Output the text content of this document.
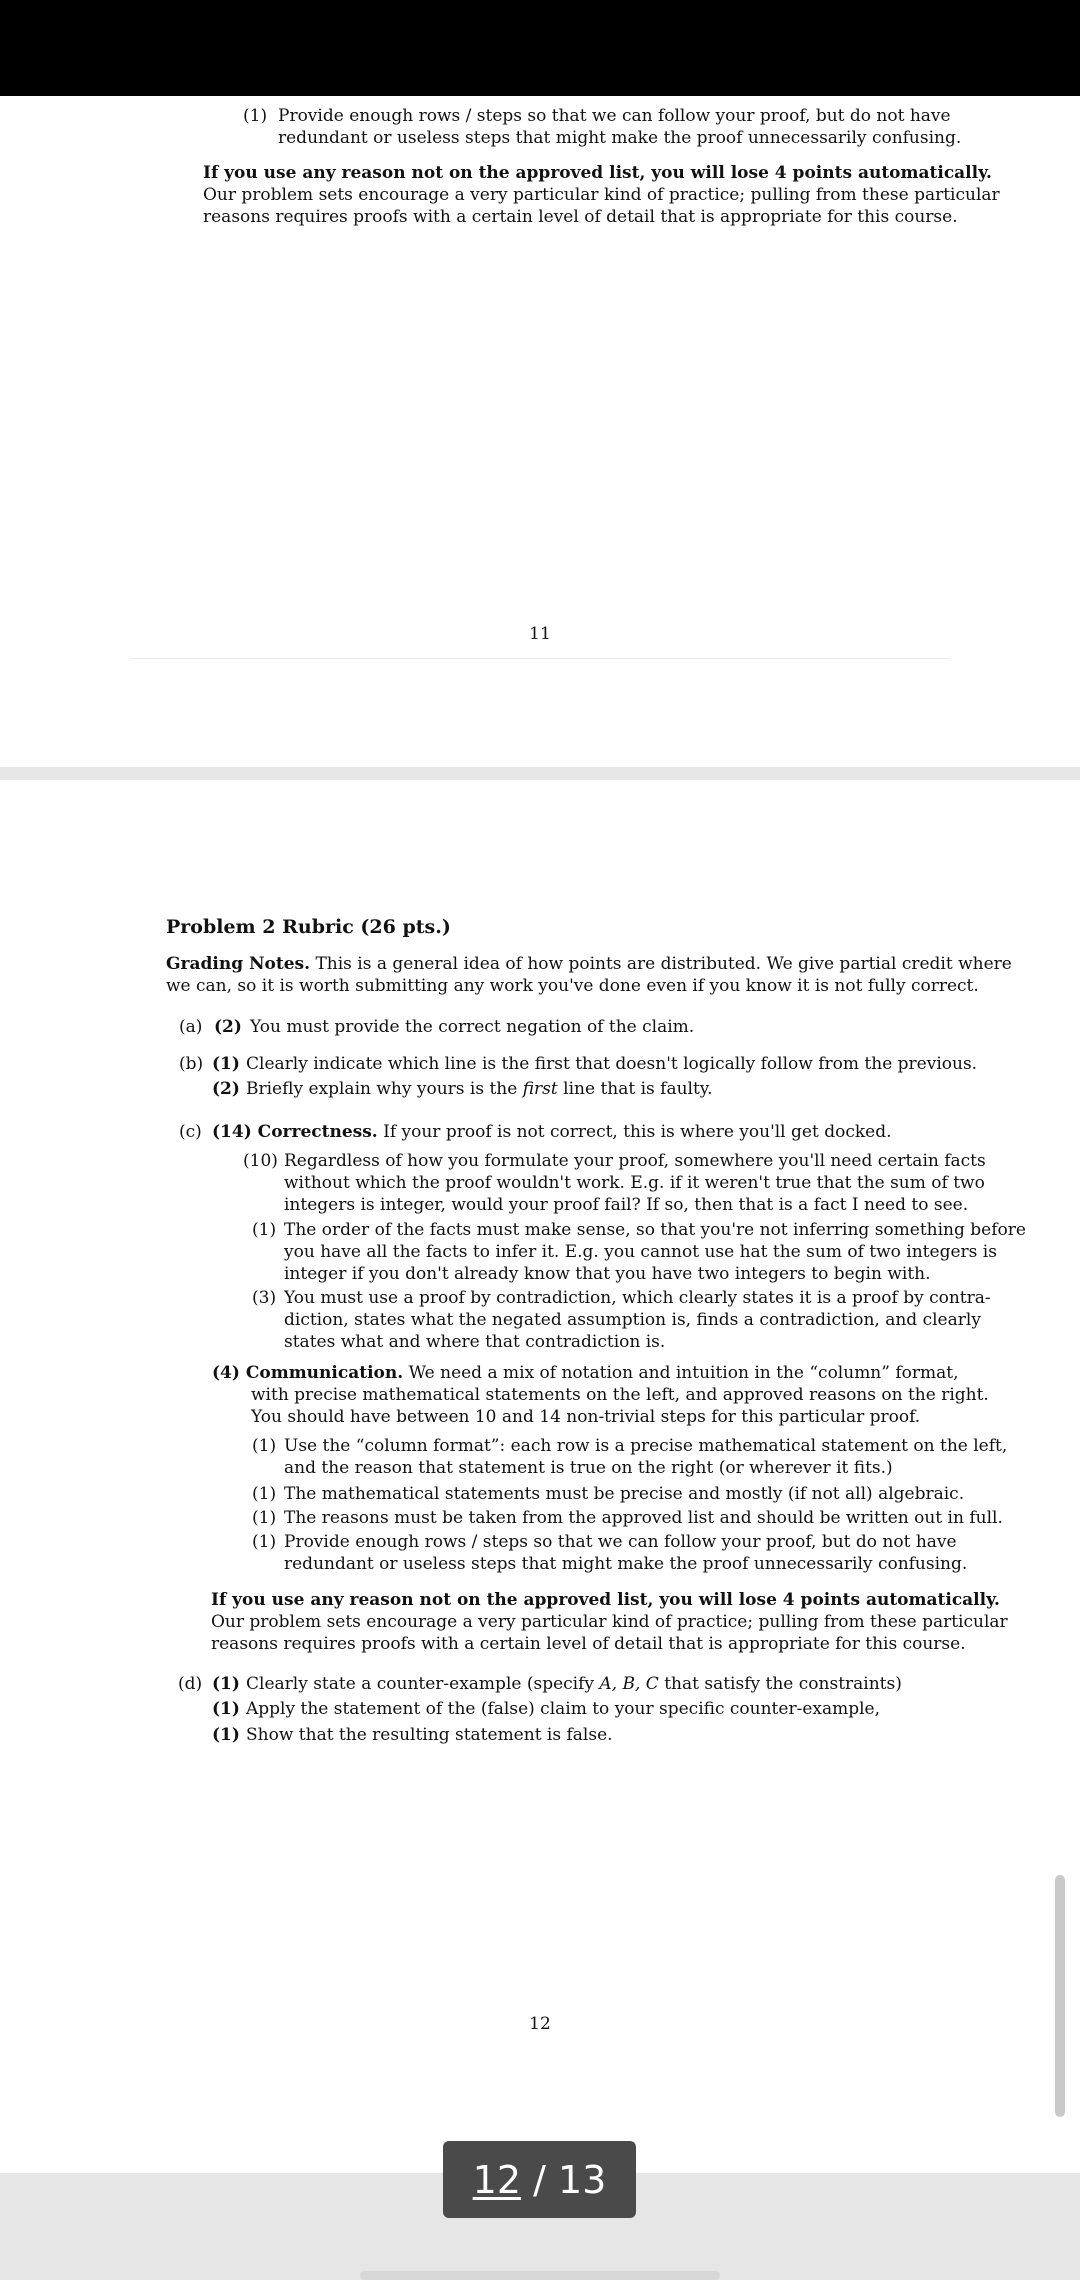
(1) Provide enough rows / steps so that we can follow your proof, but do not have
redundant or useless steps that might make the proof unnecessarily confusing.
If you use any reason not on the approved list, you will lose 4 points automatically.
Our problem sets encourage a very particular kind of practice; pulling from these particular
reasons requires proofs with a certain level of detail that is appropriate for this course.
11
Problem 2 Rubric (26 pts.)
Grading Notes. This is a general idea of how points are distributed. We give partial credit where
we can, so it is worth submitting any work you've done even if you know it is not fully correct.
(a) (2) You must provide the correct negation of the claim.
(b) (1) Clearly indicate which line is the first that doesn't logically follow from the previous.
(2) Briefly explain why yours is the first line that is faulty.
(c) (14) Correctness. If your proof is not correct, this is where you'll get docked.
(10) Regardless of how you formulate your proof, somewhere you'll need certain facts
without which the proof wouldn't work. E.g. if it weren't true that the sum of two
integers is integer, would your proof fail? If so, then that is a fact I need to see.
(1) The order of the facts must make sense, so that you're not inferring something before
you have all the facts to infer it. E.g. you cannot use hat the sum of two integers is
integer if you don't already know that you have two integers to begin with.
(3) You must use a proof by contradiction, which clearly states it is a proof by contra-
diction, states what the negated assumption is, finds a contradiction, and clearly
states what and where that contradiction is.
(4) Communication. We need a mix of notation and intuition in the “column” format,
with precise mathematical statements on the left, and approved reasons on the right.
You should have between 10 and 14 non-trivial steps for this particular proof.
(1) Use the “column format”: each row is a precise mathematical statement on the left,
and the reason that statement is true on the right (or wherever it fits.)
(1) The mathematical statements must be precise and mostly (if not all) algebraic.
(1) The reasons must be taken from the approved list and should be written out in full.
(1) Provide enough rows / steps so that we can follow your proof, but do not have
redundant or useless steps that might make the proof unnecessarily confusing.
If you use any reason not on the approved list, you will lose 4 points automatically.
Our problem sets encourage a very particular kind of practice; pulling from these particular
reasons requires proofs with a certain level of detail that is appropriate for this course.
(d) (1) Clearly state a counter-example (specify A, B, C that satisfy the constraints)
(1) Apply the statement of the (false) claim to your specific counter-example,
(1) Show that the resulting statement is false.
12
12 / 13
